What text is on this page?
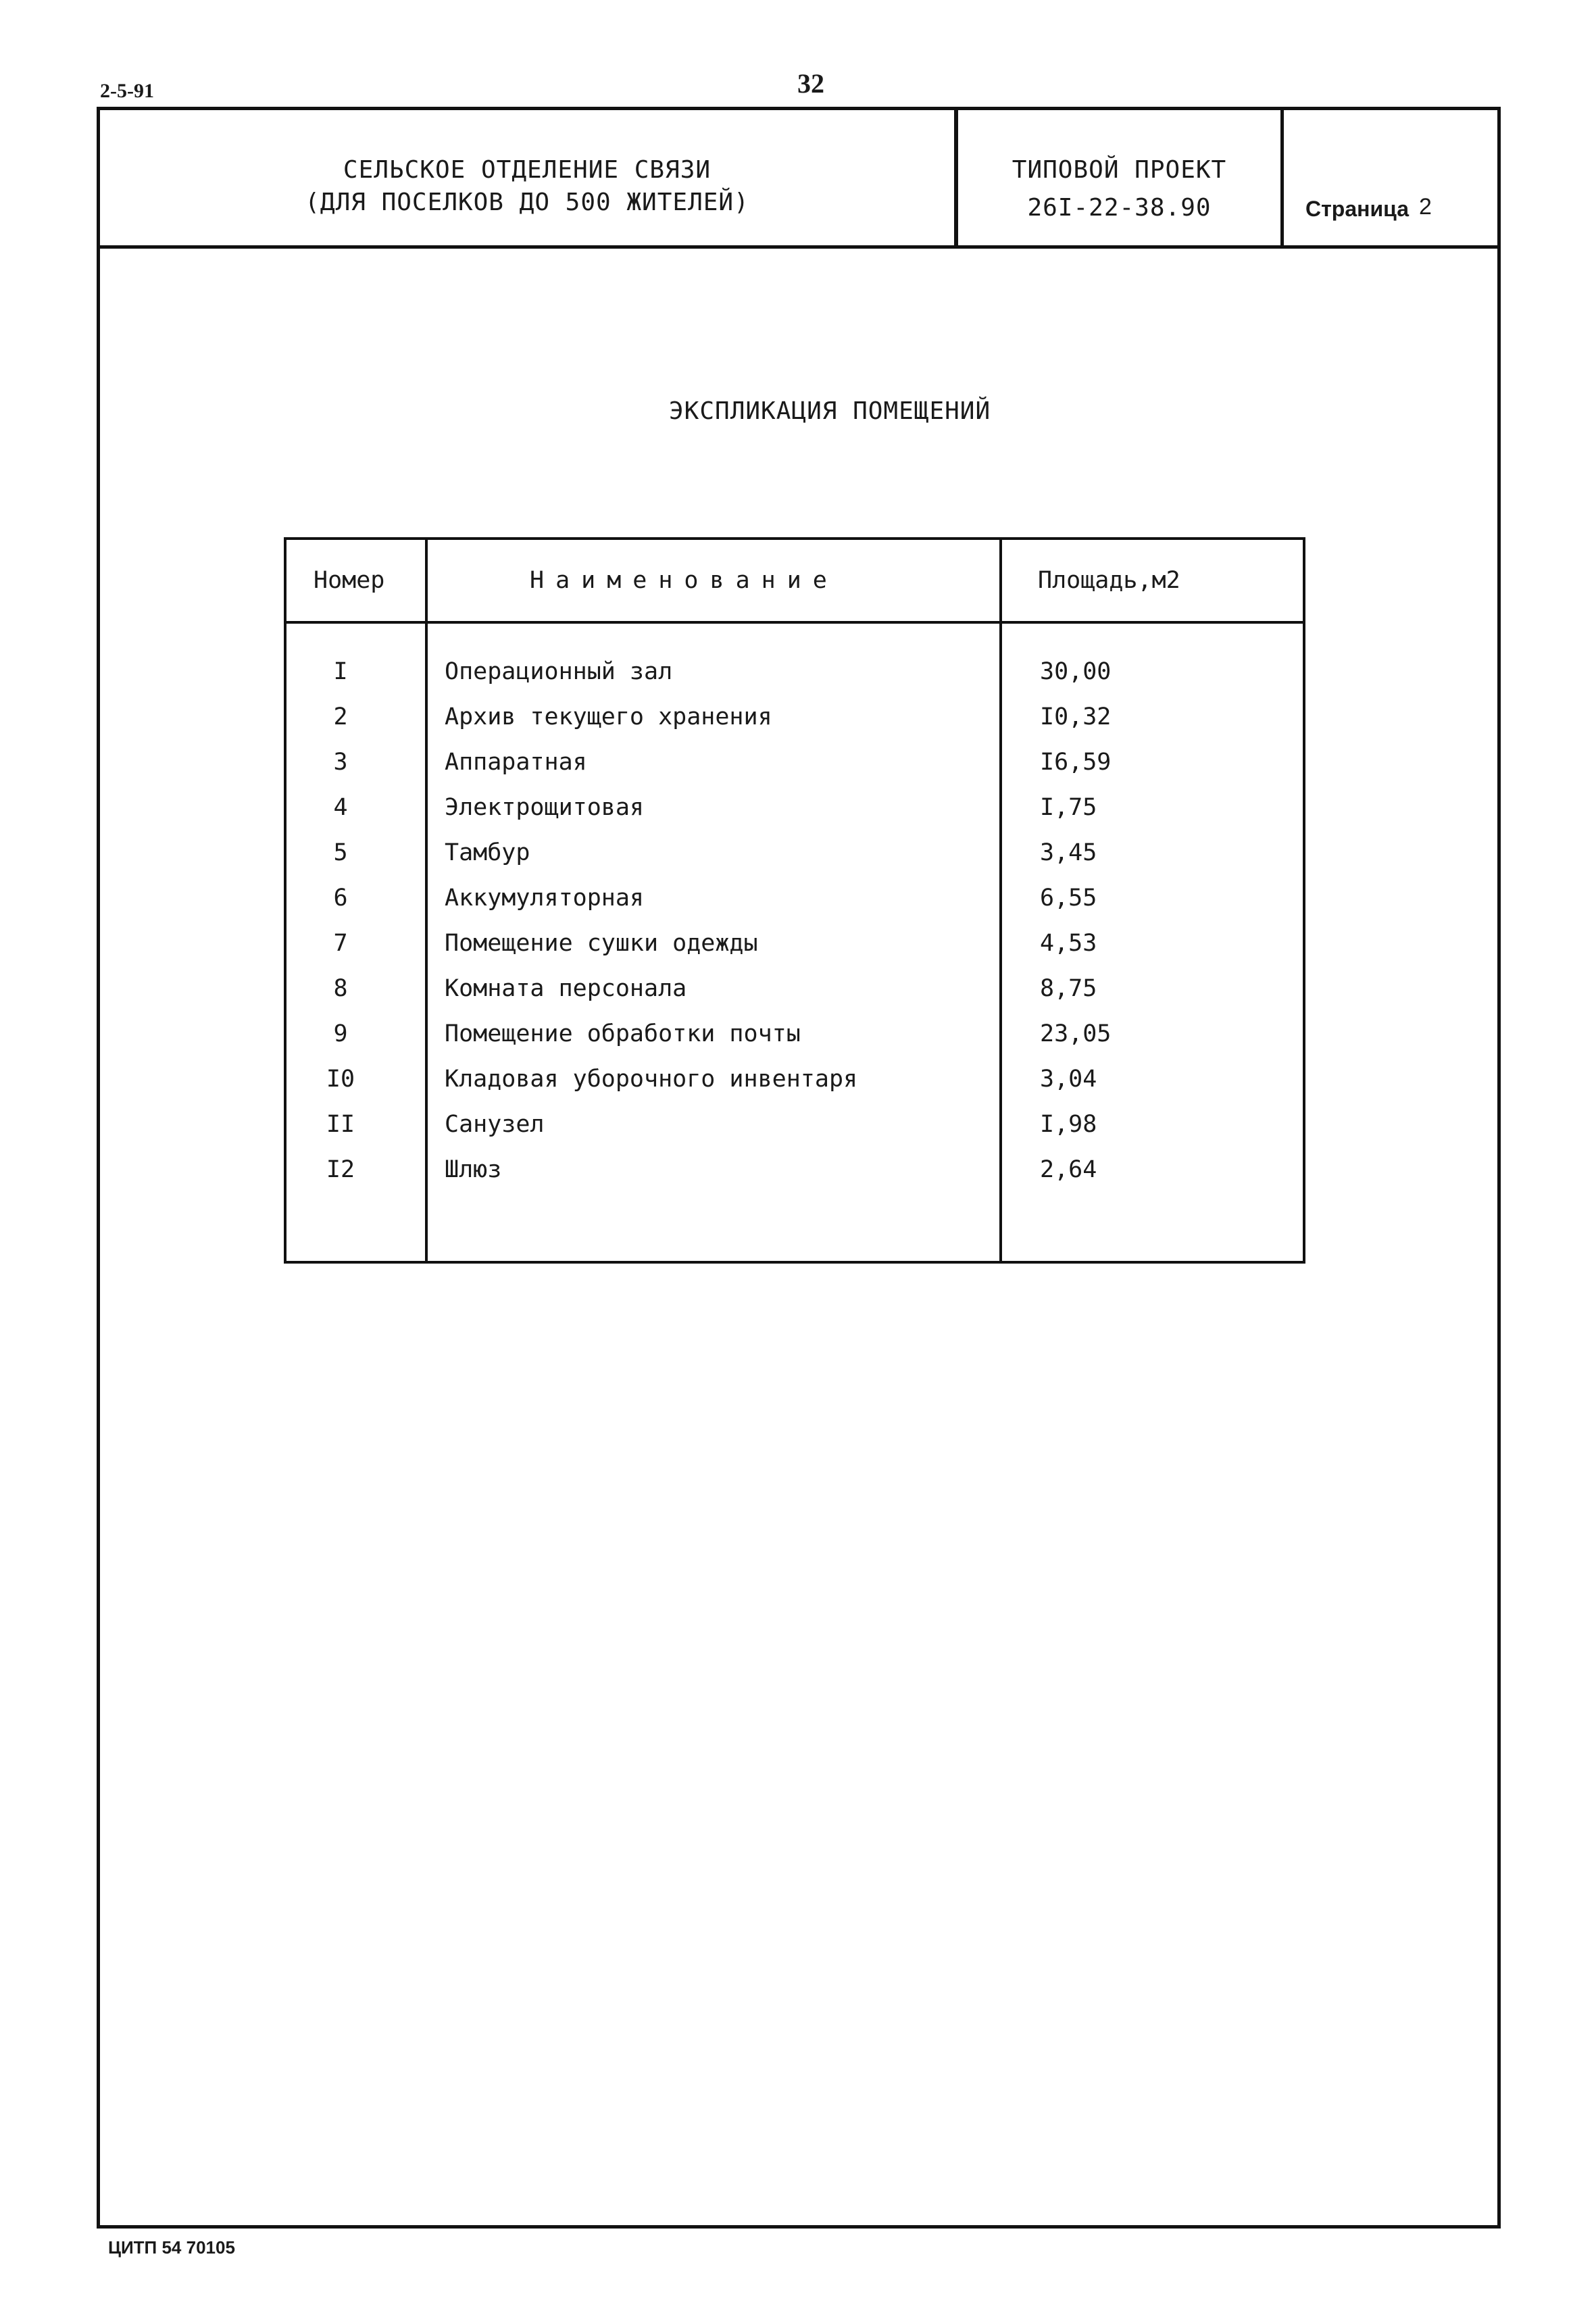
2-5-91	32
СЕЛЬСКОЕ ОТДЕЛЕНИЕ СВЯЗИ
(ДЛЯ ПОСЕЛКОВ ДО 500 ЖИТЕЛЕЙ)
ТИПОВОЙ ПРОЕКТ
26I-22-38.90	Страница 2
ЭКСПЛИКАЦИЯ ПОМЕЩЕНИЙ
Номер	Наименование	Площадь,м2
I	Операционный зал	30,00
2	Архив текущего хранения	I0,32
3	Аппаратная	I6,59
4	Электрощитовая	I,75
5	Тамбур	3,45
6	Аккумуляторная	6,55
7	Помещение сушки одежды	4,53
8	Комната персонала	8,75
9	Помещение обработки почты	23,05
I0	Кладовая уборочного инвентаря	3,04
II	Санузел	I,98
I2	Шлюз	2,64
ЦИТП 54 70105
